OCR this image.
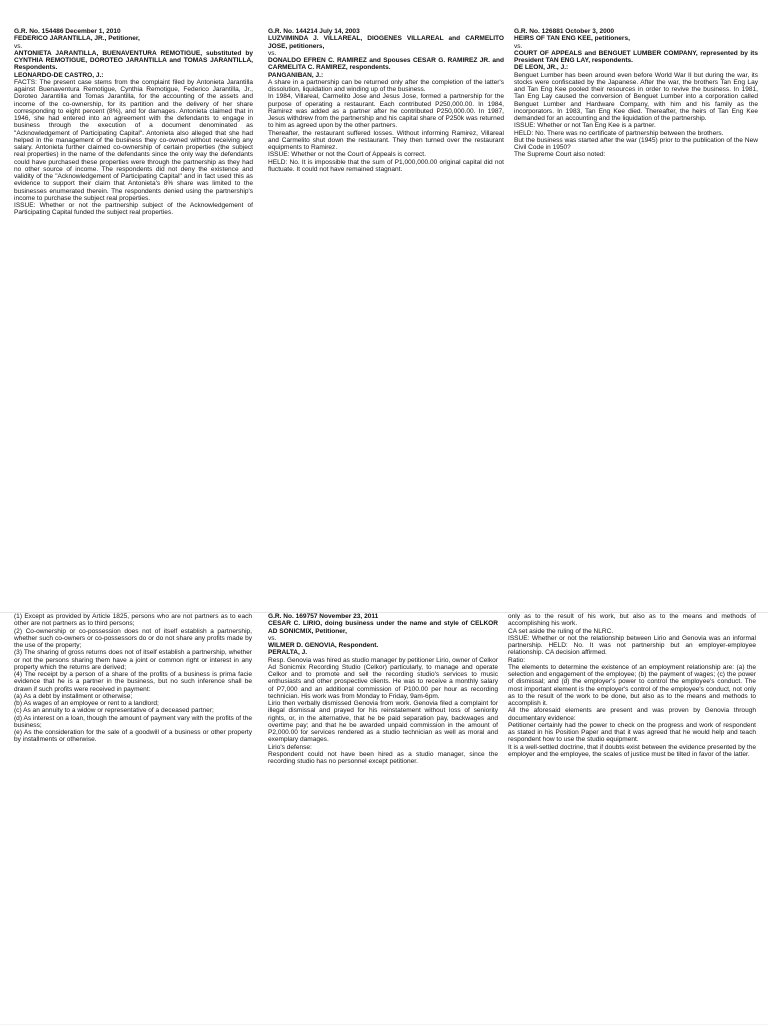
G.R. No. 154486 December 1, 2010
FEDERICO JARANTILLA, JR., Petitioner,
vs.
ANTONIETA JARANTILLA, BUENAVENTURA REMOTIGUE, substituted by CYNTHIA REMOTIGUE, DOROTEO JARANTILLA and TOMAS JARANTILLA, Respondents.
LEONARDO-DE CASTRO, J.:
FACTS: The present case stems from the complaint filed by Antonieta Jarantilla against Buenaventura Remotigue, Cynthia Remotigue, Federico Jarantilla, Jr., Doroteo Jarantilla and Tomas Jarantilla, for the accounting of the assets and income of the co-ownership, for its partition and the delivery of her share corresponding to eight percent (8%), and for damages. Antonieta claimed that in 1946, she had entered into an agreement with the defendants to engage in business through the execution of a document denominated as "Acknowledgement of Participating Capital". Antonieta also alleged that she had helped in the management of the business they co-owned without receiving any salary. Antonieta further claimed co-ownership of certain properties (the subject real properties) in the name of the defendants since the only way the defendants could have purchased these properties were through the partnership as they had no other source of income. The respondents did not deny the existence and validity of the "Acknowledgement of Participating Capital" and in fact used this as evidence to support their claim that Antonieta's 8% share was limited to the businesses enumerated therein. The respondents denied using the partnership's income to purchase the subject real properties.
ISSUE: Whether or not the partnership subject of the Acknowledgement of Participating Capital funded the subject real properties.
G.R. No. 144214 July 14, 2003
LUZVIMINDA J. VILLAREAL, DIOGENES VILLAREAL and CARMELITO JOSE, petitioners,
vs.
DONALDO EFREN C. RAMIREZ and Spouses CESAR G. RAMIREZ JR. and CARMELITA C. RAMIREZ, respondents.
PANGANIBAN, J.:
A share in a partnership can be returned only after the completion of the latter's dissolution, liquidation and winding up of the business.
In 1984, Villareal, Carmelito Jose and Jesus Jose, formed a partnership for the purpose of operating a restaurant. Each contributed P250,000.00. In 1984, Ramirez was added as a partner after he contributed P250,000.00. In 1987, Jesus withdrew from the partnership and his capital share of P250k was returned to him as agreed upon by the other partners.
Thereafter, the restaurant suffered losses. Without informing Ramirez, Villareal and Carmelito shut down the restaurant. They then turned over the restaurant equipments to Ramirez.
ISSUE: Whether or not the Court of Appeals is correct.
HELD: No. It is impossible that the sum of P1,000,000.00 original capital did not fluctuate. It could not have remained stagnant.
G.R. No. 126881 October 3, 2000
HEIRS OF TAN ENG KEE, petitioners,
vs.
COURT OF APPEALS and BENGUET LUMBER COMPANY, represented by its President TAN ENG LAY, respondents.
DE LEON, JR., J.:
Benguet Lumber has been around even before World War II but during the war, its stocks were confiscated by the Japanese. After the war, the brothers Tan Eng Lay and Tan Eng Kee pooled their resources in order to revive the business. In 1981, Tan Eng Lay caused the conversion of Benguet Lumber into a corporation called Benguet Lumber and Hardware Company, with him and his family as the incorporators. In 1983, Tan Eng Kee died. Thereafter, the heirs of Tan Eng Kee demanded for an accounting and the liquidation of the partnership.
ISSUE: Whether or not Tan Eng Kee is a partner.
HELD: No. There was no certificate of partnership between the brothers.
But the business was started after the war (1945) prior to the publication of the New Civil Code in 1950?
The Supreme Court also noted:
(1) Except as provided by Article 1825, persons who are not partners as to each other are not partners as to third persons;
(2) Co-ownership or co-possession does not of itself establish a partnership, whether such co-owners or co-possessors do or do not share any profits made by the use of the property;
(3) The sharing of gross returns does not of itself establish a partnership, whether or not the persons sharing them have a joint or common right or interest in any property which the returns are derived;
(4) The receipt by a person of a share of the profits of a business is prima facie evidence that he is a partner in the business, but no such inference shall be drawn if such profits were received in payment:
(a) As a debt by installment or otherwise;
(b) As wages of an employee or rent to a landlord;
(c) As an annuity to a widow or representative of a deceased partner;
(d) As interest on a loan, though the amount of payment vary with the profits of the business;
(e) As the consideration for the sale of a goodwill of a business or other property by installments or otherwise.
G.R. No. 169757 November 23, 2011
CESAR C. LIRIO, doing business under the name and style of CELKOR AD SONICMIX, Petitioner,
vs.
WILMER D. GENOVIA, Respondent.
PERALTA, J.
Resp. Genovia was hired as studio manager by petitioner Lirio, owner of Celkor Ad Sonicmix Recording Studio (Celkor) particularly, to manage and operate Celkor and to promote and sell the recording studio's services to music enthusiasts and other prospective clients. He was to receive a monthly salary of P7,000 and an additional commission of P100.00 per hour as recording technician. His work was from Monday to Friday, 9am-6pm.
Lirio then verbally dismissed Genovia from work. Genovia filed a complaint for illegal dismissal and prayed for his reinstatement without loss of seniority rights, or, in the alternative, that he be paid separation pay, backwages and overtime pay; and that he be awarded unpaid commission in the amount of P2,000.00 for services rendered as a studio technician as well as moral and exemplary damages.
Lirio's defense:
Respondent could not have been hired as a studio manager, since the recording studio has no personnel except petitioner.
only as to the result of his work, but also as to the means and methods of accomplishing his work.
CA set aside the ruling of the NLRC.
ISSUE: Whether or not the relationship between Lirio and Genovia was an informal partnership. HELD: No. It was not partnership but an employer-employee relationship. CA decision affirmed.
Ratio:
The elements to determine the existence of an employment relationship are: (a) the selection and engagement of the employee; (b) the payment of wages; (c) the power of dismissal; and (d) the employer's power to control the employee's conduct. The most important element is the employer's control of the employee's conduct, not only as to the result of the work to be done, but also as to the means and methods to accomplish it.
All the aforesaid elements are present and was proven by Genovia through documentary evidence:
Petitioner certainly had the power to check on the progress and work of respondent as stated in his Position Paper and that it was agreed that he would help and teach respondent how to use the studio equipment.
It is a well-settled doctrine, that if doubts exist between the evidence presented by the employer and the employee, the scales of justice must be tilted in favor of the latter.
